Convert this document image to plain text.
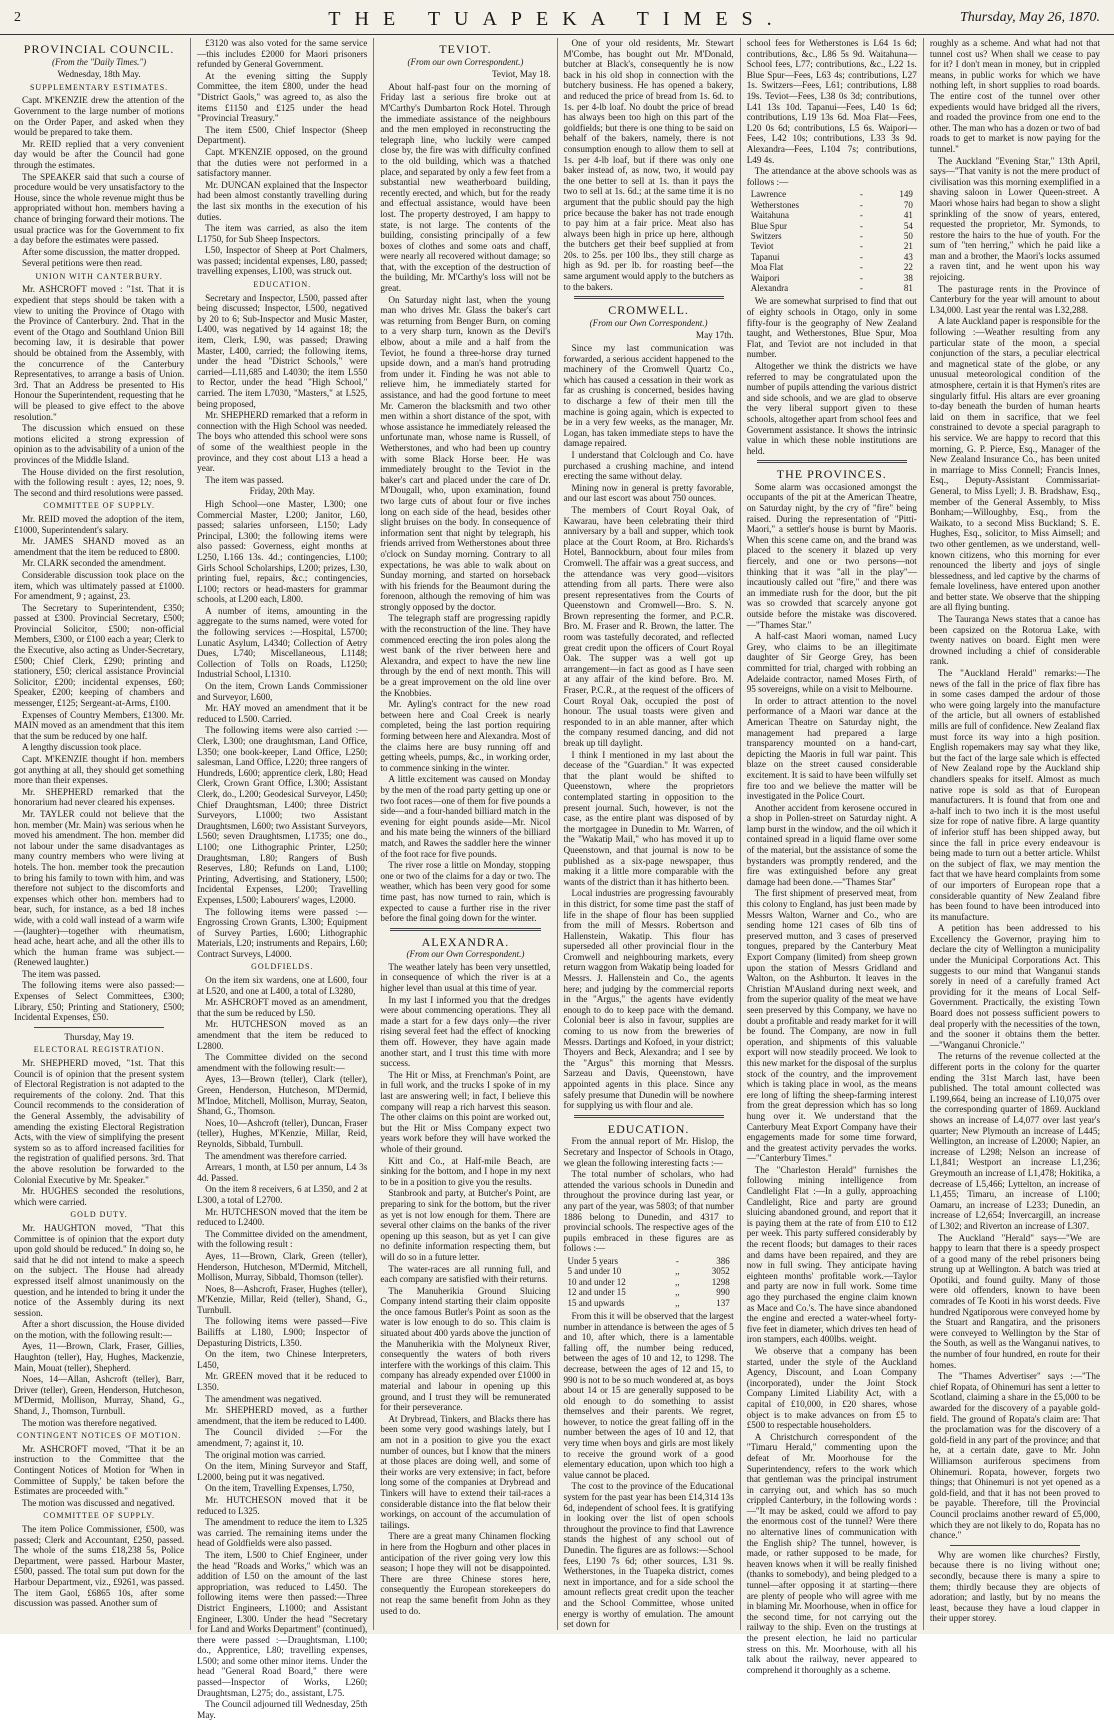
2	THE TUAPEKA TIMES.	Thursday, May 26, 1870.
PROVINCIAL COUNCIL.
(From the "Daily Times.")
Wednesday, 18th May.
SUPPLEMENTARY ESTIMATES.

Capt. M'KENZIE drew the attention of the Government to the large number of motions on the Order Paper, and asked when they would be prepared to take them.

Mr. REID replied that a very convenient day would be after the Council had gone through the estimates.

The SPEAKER said that such a course of procedure would be very unsatisfactory to the House, since the whole revenue might thus be appropriated without hon. members having a chance of bringing forward their motions. The usual practice was for the Government to fix a day before the estimates were passed.

After some discussion, the matter dropped.

Several petitions were then read.

UNION WITH CANTERBURY.

Mr. ASHCROFT moved : "1st. That it is expedient that steps should be taken with a view to uniting the Province of Otago with the Province of Canterbury. 2nd. That in the event of the Otago and Southland Union Bill becoming law, it is desirable that power should be obtained from the Assembly, with the concurrence of the Canterbury Representatives, to arrange a basis of Union. 3rd. That an Address be presented to His Honour the Superintendent, requesting that he will be pleased to give effect to the above resolution."

The discussion which ensued on these motions elicited a strong expression of opinion as to the advisability of a union of the provinces of the Middle Island.

The House divided on the first resolution, with the following result : ayes, 12; noes, 9. The second and third resolutions were passed.

COMMITTEE OF SUPPLY.

Mr. REID moved the adoption of the item, £1000, Superintendent's salary.

Mr. JAMES SHAND moved as an amendment that the item be reduced to £800.

Mr. CLARK seconded the amendment.

Considerable discussion took place on the item, which was ultimately passed at £1000. For amendment, 9 ; against, 23.

The Secretary to Superintendent, £350; passed at £300. Provincial Secretary, £500; Provincial Solicitor, £500; non-official Members, £300, or £100 each a year; Clerk to the Executive, also acting as Under-Secretary, £500; Chief Clerk, £290; printing and stationery, £50; clerical assistance Provincial Solicitor, £200; incidental expenses, £60; Speaker, £200; keeping of chambers and messenger, £125; Sergeant-at-Arms, £100.

Expenses of Country Members, £1300. Mr. MAIN moved as an amendment that this item that the sum be reduced by one half.

A lengthy discussion took place.

Capt. M'KENZIE thought if hon. members got anything at all, they should get something more than their expenses.

Mr. SHEPHERD remarked that the honorarium had never cleared his expenses.

Mr. TAYLER could not believe that the hon. member (Mr. Main) was serious when he moved his amendment. The hon. member did not labour under the same disadvantages as many country members who were living at hotels. The hon. member took the precaution to bring his family to town with him, and was therefore not subject to the discomforts and expenses which other hon. members had to bear, such, for instance, as a bed 18 inches wide, with a cold wall instead of a warm wife—(laughter)—together with rheumatism, head ache, heart ache, and all the other ills to which the human frame was subject.—(Renewed laughter.)

The item was passed.

The following items were also passed:—Expenses of Select Committees, £300; Library, £50; Printing and Stationery, £500; Incidental Expenses, £50.

Thursday, May 19.
ELECTORAL REGISTRATION.

Mr. SHEPHERD moved, "1st. That this Council is of opinion that the present system of Electoral Registration is not adapted to the requirements of the colony. 2nd. That this Council recommends to the consideration of the General Assembly, the advisability of amending the existing Electoral Registration Acts, with the view of simplifying the present system so as to afford increased facilities for the registration of qualified persons. 3rd. That the above resolution be forwarded to the Colonial Executive by Mr. Speaker."

Mr. HUGHES seconded the resolutions, which were carried.

GOLD DUTY.

Mr. HAUGHTON moved, "That this Committee is of opinion that the export duty upon gold should be reduced." In doing so, he said that he did not intend to make a speech on the subject. The House had already expressed itself almost unanimously on the question, and he intended to bring it under the notice of the Assembly during its next session.

After a short discussion, the House divided on the motion, with the following result:—

Ayes, 11—Brown, Clark, Fraser, Gillies, Haughton (teller), Hay, Hughes, Mackenzie, Main, Mouat (teller), Shepherd.

Noes, 14—Allan, Ashcroft (teller), Barr, Driver (teller), Green, Henderson, Hutcheson, M'Dermid, Mollison, Murray, Shand, G., Shand, J., Thomson, Turnbull.

The motion was therefore negatived.

CONTINGENT NOTICES OF MOTION.

Mr. ASHCROFT moved, "That it be an instruction to the Committee that the Contingent Notices of Motion for 'When in Committee of Supply,' be taken before the Estimates are proceeded with."

The motion was discussed and negatived.

COMMITTEE OF SUPPLY.

The item Police Commissioner, £500, was passed; Clerk and Accountant, £250, passed. The whole of the sums £18,238 5s, Police Department, were passed. Harbour Master, £500, passed. The total sum put down for the Harbour Department, viz., £9261, was passed. The item Gaol, £6865 10s, after some discussion was passed. Another sum of

£3120 was also voted for the same service —this includes £2000 for Maori prisoners refunded by General Government.

At the evening sitting the Supply Committee, the item £800, under the head "District Gaols," was agreed to, as also the items £1150 and £125 under the head "Provincial Treasury."

The item £500, Chief Inspector (Sheep Department).

Capt. M'KENZIE opposed, on the ground that the duties were not performed in a satisfactory manner.

Mr. DUNCAN explained that the Inspector had been almost constantly travelling during the last six months in the execution of his duties.

The item was carried, as also the item L1750, for Sub Sheep Inspectors.

L50, Inspector of Sheep at Port Chalmers, was passed; incidental expenses, L80, passed; travelling expenses, L100, was struck out.

EDUCATION.

Secretary and Inspector, L500, passed after being discussed; Inspector, L500, negatived by 20 to 6; Sub-Inspector and Music Master, L400, was negatived by 14 against 18; the item, Clerk, L90, was passed; Drawing Master, L400, carried; the following items, under the head "District Schools," were carried—L11,685 and L4030; the item L550 to Rector, under the head "High School," carried. The item L7030, "Masters," at L525, being proposed,

Mr. SHEPHERD remarked that a reform in connection with the High School was needed. The boys who attended this school were sons of some of the wealthiest people in the province, and they cost about L13 a head a year.

The item was passed.

Friday, 20th May.

High School—one Master, L300; one Commercial Master, L200; Janitor, L60, passed; salaries unforseen, L150; Lady Principal, L300; the following items were also passed: Governess, eight months at L250, L166 13s. 4d.; contingencies, L100; Girls School Scholarships, L200; prizes, L30, printing fuel, repairs, &c.; contingencies, L100; rectors or head-masters for grammar schools, at L200 each, L800.

A number of items, amounting in the aggregate to the sums named, were voted for the following services :—Hospital, L5700; Lunatic Asylum, L4340; Collection of Aetry Dues, L740; Miscellaneous, L1148; Collection of Tolls on Roads, L1250; Industrial School, L1310.

On the item, Crown Lands Commissioner and Surveyor, L600,

Mr. HAY moved an amendment that it be reduced to L500. Carried.

The following items were also carried :—Clerk, L300; one draughtsman, Land Office, L350; one book-keeper, Land Office, L250; salesman, Land Office, L220; three rangers of Hundreds, L600; apprentice clerk, L80; Head Clerk, Crown Grant Office, L300; Assistant Clerk, do., L200; Geodesical Surveyor, L450; Chief Draughtsman, L400; three District Surveyors, L1000; two Assistant Draughtsmen, L600; two Assistant Surveyors, L560; seven Draughtsmen, L1735; one do., L100; one Lithographic Printer, L250; Draughtsman, L80; Rangers of Bush Reserves, L80; Refunds on Land, L100; Printing, Advertising, and Stationery, L500; Incidental Expenses, L200; Travelling Expenses, L500; Labourers' wages, L2000.

The following items were passed :—Engrossing Crown Grants, L300; Equipment of Survey Parties, L600; Lithographic Materials, L20; instruments and Repairs, L60; Contract Surveys, L4000.

GOLDFIELDS.

On the item six wardens, one at L600, four at L520, and one at L400, a total of L3280,

Mr. ASHCROFT moved as an amendment, that the sum be reduced by L50.

Mr. HUTCHESON moved as an amendment that the item be reduced to L2800.

The Committee divided on the second amendment with the following result:—

Ayes, 13—Brown (teller), Clark (teller), Green, Henderson, Hutcheson, M'Dermid, M'Indoe, Mitchell, Mollison, Murray, Seaton, Shand, G., Thomson.

Noes, 10—Ashcroft (teller), Duncan, Fraser (teller), Hughes, M'Kenzie, Millar, Reid, Reynolds, Sibbald, Turnbull.

The amendment was therefore carried.

Arrears, 1 month, at L50 per annum, L4 3s 4d. Passed.

On the item 8 receivers, 6 at L350, and 2 at L300, a total of L2700.

Mr. HUTCHESON moved that the item be reduced to L2400.

The Committee divided on the amendment, with the following result :

Ayes, 11—Brown, Clark, Green (teller), Henderson, Hutcheson, M'Dermid, Mitchell, Mollison, Murray, Sibbald, Thomson (teller).

Noes, 8—Ashcroft, Fraser, Hughes (teller), M'Kenzie, Millar, Reid (teller), Shand, G., Turnbull.

The following items were passed—Five Bailiffs at L180, L900; Inspector of Depasturing Districts, L350.

On the item, two Chinese Interpreters, L450,

Mr. GREEN moved that it be reduced to L350.

The amendment was negatived.

Mr. SHEPHERD moved, as a further amendment, that the item be reduced to L400.

The Council divided :—For the amendment, 7; against it, 10.

The original motion was carried.

On the item, Mining Surveyor and Staff, L2000, being put it was negatived.

On the item, Travelling Expenses, L750,

Mr. HUTCHESON moved that it be reduced to L325.

The amendment to reduce the item to L325 was carried. The remaining items under the head of Goldfields were also passed.

The item, L500 to Chief Engineer, under the head "Roads and Works," which was an addition of L50 on the amount of the last appropriation, was reduced to L450. The following items were then passed:—Three District Engineers, L1000; and Assistant Engineer, L300. Under the head "Secretary for Land and Works Department" (continued), there were passed :—Draughtsman, L100; do., Apprentice, L80; travelling expenses, L500; and some other minor items. Under the head "General Road Board," there were passed—Inspector of Works, L260; Draughtsman, L275; do., assistant, L75.

The Council adjourned till Wednesday, 25th May.

TEVIOT.
(From our own Correspondent.)
Teviot, May 18.

About half-past four on the morning of Friday last a serious fire broke out at M'Carthy's Dumbarton Rock Hotel. Through the immediate assistance of the neighbours and the men employed in reconstructing the telegraph line, who luckily were camped close by, the fire was with difficulty confined to the old building, which was a thatched place, and separated by only a few feet from a substantial new weatherboard building, recently erected, and which, but for the ready and effectual assistance, would have been lost. The property destroyed, I am happy to state, is not large. The contents of the building, consisting principally of a few boxes of clothes and some oats and chaff, were nearly all recovered without damage; so that, with the exception of the destruction of the building, Mr. M'Carthy's loss will not be great.

On Saturday night last, when the young man who drives Mr. Glass the baker's cart was returning from Benger Burn, on coming to a very sharp turn, known as the Devil's elbow, about a mile and a half from the Teviot, he found a three-horse dray turned upside down, and a man's hand protruding from under it. Finding he was not able to relieve him, he immediately started for assistance, and had the good fortune to meet Mr. Cameron the blacksmith and two other men within a short distance of the spot, with whose assistance he immediately released the unfortunate man, whose name is Russell, of Wetherstones, and who had been up country with some Black Horse beer. He was immediately brought to the Teviot in the baker's cart and placed under the care of Dr. M'Dougall, who, upon examination, found two large cuts of about four or five inches long on each side of the head, besides other slight bruises on the body. In consequence of information sent that night by telegraph, his friends arrived from Wetherstones about three o'clock on Sunday morning. Contrary to all expectations, he was able to walk about on Sunday morning, and started on horseback with his friends for the Beaumont during the forenoon, although the removing of him was strongly opposed by the doctor.

The telegraph staff are progressing rapidly with the reconstruction of the line. They have commenced erecting the iron poles along the west bank of the river between here and Alexandra, and expect to have the new line through by the end of next month. This will be a great improvement on the old line over the Knobbies.

Mr. Ayling's contract for the new road between here and Coal Creek is nearly completed, being the last portion requiring forming between here and Alexandra. Most of the claims here are busy running off and getting wheels, pumps, &c., in working order, to commence sinking in the winter.

A little excitement was caused on Monday by the men of the road party getting up one or two foot races—one of them for five pounds a side—and a four-handed billiard match in the evening for eight pounds aside—Mr. Nicol and his mate being the winners of the billiard match, and Rawes the saddler here the winner of the foot race for five pounds.

The river rose a little on Monday, stopping one or two of the claims for a day or two. The weather, which has been very good for some time past, has now turned to rain, which is expected to cause a further rise in the river before the final going down for the winter.

ALEXANDRA.
(From our Own Correspondent.)

The weather lately has been very unsettled, in consequence of which the river is at a higher level than usual at this time of year.

In my last I informed you that the dredges were about commencing operations. They all made a start for a few days only—the river rising several feet had the effect of knocking them off. However, they have again made another start, and I trust this time with more success.

The Hit or Miss, at Frenchman's Point, are in full work, and the trucks I spoke of in my last are answering well; in fact, I believe this company will reap a rich harvest this season. The other claims on this point are worked out, but the Hit or Miss Company expect two years work before they will have worked the whole of their ground.

Kitt and Co., at Half-mile Beach, are sinking for the bottom, and I hope in my next to be in a position to give you the results.

Stanbrook and party, at Butcher's Point, are preparing to sink for the bottom, but the river as yet is not low enough for them. There are several other claims on the banks of the river opening up this season, but as yet I can give no definite information respecting them, but will do so in a future letter.

The water-races are all running full, and each company are satisfied with their returns.

The Manuherikia Ground Sluicing Company intend starting their claim opposite the once famous Butler's Point as soon as the water is low enough to do so. This claim is situated about 400 yards above the junction of the Manuherikia with the Molyneux River, consequently the waters of both rivers interfere with the workings of this claim. This company has already expended over £1000 in material and labour in opening up this ground, and I trust they will be remunerated for their perseverance.

At Drybread, Tinkers, and Blacks there has been some very good washings lately, but I am not in a position to give you the exact number of ounces, but I know that the miners at those places are doing well, and some of their works are very extensive; in fact, before long some of the companies at Drybread and Tinkers will have to extend their tail-races a considerable distance into the flat below their workings, on account of the accumulation of tailings.

There are a great many Chinamen flocking in here from the Hogburn and other places in anticipation of the river going very low this season; I hope they will not be disappointed. There are three Chinese stores here, consequently the European storekeepers do not reap the same benefit from John as they used to do.

One of your old residents, Mr. Stewart M'Combe, has bought out Mr. M'Donald, butcher at Black's, consequently he is now back in his old shop in connection with the butchery business. He has opened a bakery, and reduced the price of bread from 1s. 6d. to 1s. per 4-lb loaf. No doubt the price of bread has always been too high on this part of the goldfields; but there is one thing to be said on behalf of the bakers, namely, there is not consumption enough to allow them to sell at 1s. per 4-lb loaf, but if there was only one baker instead of, as now, two, it would pay the one better to sell at 1s. than it pays the two to sell at 1s. 6d.; at the same time it is no argument that the public should pay the high price because the baker has not trade enough to pay him at a fair price. Meat also has always been high in price up here, although the butchers get their beef supplied at from 20s. to 25s. per 100 lbs., they still charge as high as 9d. per lb. for roasting beef—the same argument would apply to the butchers as to the bakers.

CROMWELL.
(From our Own Correspondent.)
May 17th.

Since my last communication was forwarded, a serious accident happened to the machinery of the Cromwell Quartz Co., which has caused a cessation in their work as far as crushing is concerned, besides having to discharge a few of their men till the machine is going again, which is expected to be in a very few weeks, as the manager, Mr. Logan, has taken immediate steps to have the damage repaired.

I understand that Colclough and Co. have purchased a crushing machine, and intend erecting the same without delay.

Mining now in general is pretty favorable, and our last escort was about 750 ounces.

The members of Court Royal Oak, of Kawarau, have been celebrating their third anniversary by a ball and supper, which took place at the Court Room, at Bro. Richards's Hotel, Bannockburn, about four miles from Cromwell. The affair was a great success, and the attendance was very good—visitors attending from all parts. There were also present representatives from the Courts of Queenstown and Cromwell—Bro. S. N. Brown representing the former, and P.C.R. Bro. M. Fraser and R. Brown, the latter. The room was tastefully decorated, and reflected great credit upon the officers of Court Royal Oak. The supper was a well got up arrangement—in fact as good as I have seen at any affair of the kind before. Bro. M. Fraser, P.C.R., at the request of the officers of Court Royal Oak, occupied the post of honour. The usual toasts were given and responded to in an able manner, after which the company resumed dancing, and did not break up till daylight.

I think I mentioned in my last about the decease of the "Guardian." It was expected that the plant would be shifted to Queenstown, where the proprietors contemplated starting in opposition to the present journal. Such, however, is not the case, as the entire plant was disposed of by the mortgagee in Dunedin to Mr. Warren, of the "Wakatip Mail," who has moved it up to Queenstown, and that journal is now to be published as a six-page newspaper, thus making it a little more comparable with the wants of the district than it has hitherto been.

Local industries are progressing favourably in this district, for some time past the staff of life in the shape of flour has been supplied from the mill of Messrs. Robertson and Hallenstein, Wakatip. This flour has superseded all other provincial flour in the Cromwell and neighbouring markets, every return waggon from Wakatip being loaded for Messrs. J. Hallenstein and Co., the agents here; and judging by the commercial reports in the "Argus," the agents have evidently enough to do to keep pace with the demand. Colonial beer is also in favour, supplies are coming to us now from the breweries of Messrs. Dartings and Kofoed, in your district; Thoyers and Beck, Alexandra; and I see by the "Argus" this morning that Messrs. Sarzeau and Davis, Queenstown, have appointed agents in this place. Since any safely presume that Dunedin will be nowhere for supplying us with flour and ale.

EDUCATION.

From the annual report of Mr. Hislop, the Secretary and Inspector of Schools in Otago, we glean the following interesting facts :—

The total number of scholars, who had attended the various schools in Dunedin and throughout the province during last year, or any part of the year, was 5803; of that number 1886 belong to Dunedin, and 4317 to provincial schools. The respective ages of the pupils embraced in these figures are as follows :—

Under 5 years	-	386
5 and under 10	,,	3052
10 and under 12	,,	1298
12 and under 15	,,	990
15 and upwards	,,	137

From this it will be observed that the largest number in attendance is between the ages of 5 and 10, after which, there is a lamentable falling off, the number being reduced, between the ages of 10 and 12, to 1298. The decrease, between the ages of 12 and 15, to 990 is not to be so much wondered at, as boys about 14 or 15 are generally supposed to be old enough to do something to assist themselves and their parents. We regret, however, to notice the great falling off in the number between the ages of 10 and 12, that very time when boys and girls are most likely to receive the ground work of a good elementary education, upon which too high a value cannot be placed.

The cost to the province of the Educational system for the past year has been £14,314 13s 6d, independent of school fees. It is gratifying in looking over the list of open schools throughout the province to find that Lawrence stands the highest of any school out of Dunedin. The figures are as follows:—School fees, L190 7s 6d; other sources, L31 9s. Wetherstones, in the Tuapeka district, comes next in importance, and for a side school the amount reflects great credit upon the teacher and the School Committee, whose united energy is worthy of emulation. The amount set down for

school fees for Wetherstones is L64 1s 6d; contributions, &c., L86 5s 9d. Waitahuna—School fees, L77; contributions, &c., L22 1s. Blue Spur—Fees, L63 4s; contributions, L27 1s. Switzers—Fees, L61; contributions, L88 19s. Teviot—Fees, L38 0s 3d; contributions, L41 13s 10d. Tapanui—Fees, L40 1s 6d; contributions, L19 13s 6d. Moa Flat—Fees, L20 0s 6d; contributions, L5 6s. Waipori—Fees, L42 10s; contributions, L33 3s 9d. Alexandra—Fees, L104 7s; contributions, L49 4s.

The attendance at the above schools was as follows :—

Lawrence	-	149
Wetherstones	-	70
Waitahuna	-	41
Blue Spur	-	54
Switzers	-	50
Teviot	-	21
Tapanui	-	43
Moa Flat	-	22
Waipori	-	38
Alexandra	-	81

We are somewhat surprised to find that out of eighty schools in Otago, only in some fifty-four is the geography of New Zealand taught, and Wetherstones, Blue Spur, Moa Flat, and Teviot are not included in that number.

Altogether we think the districts we have referred to may be congratulated upon the number of pupils attending the various district and side schools, and we are glad to observe the very liberal support given to these schools, altogether apart from school fees and Government assistance. It shows the intrinsic value in which these noble institutions are held.

THE PROVINCES.

Some alarm was occasioned amongst the occupants of the pit at the American Theatre, on Saturday night, by the cry of "fire" being raised. During the representation of "Pitti-Maori," a settler's house is burnt by Maoris. When this scene came on, and the brand was placed to the scenery it blazed up very fiercely, and one or two persons—not thinking that it was "all in the play"—incautiously called out "fire," and there was an immediate rush for the door, but the pit was so crowded that scarcely anyone got outside before the mistake was discovered.—"Thames Star."

A half-cast Maori woman, named Lucy Grey, who claims to be an illegitimate daughter of Sir George Grey, has been committed for trial, charged with robbing an Adelaide contractor, named Moses Firth, of 95 sovereigns, while on a visit to Melbourne.

In order to attract attention to the novel performance of a Maori war dance at the American Theatre on Saturday night, the management had prepared a large transparency mounted on a hand-cart, depicting the Maoris in full war paint. This blaze on the street caused considerable excitement. It is said to have been wilfully set fire too and we believe the matter will be investigated in the Police Court.

Another accident from kerosene occured in a shop in Pollen-street on Saturday night. A lamp burst in the window, and the oil which it contained spread in a liquid flame over some of the material, but the assistance of some the bystanders was promptly rendered, and the fire was extinguished before any great damage had been done.—"Thames Star"

The first shipment of preserved meat, from this colony to England, has just been made by Messrs Walton, Warner and Co., who are sending home 121 cases of 6lb tins of preserved mutton, and 3 cases of preserved tongues, prepared by the Canterbury Meat Export Company (limited) from sheep grown upon the station of Messrs Gridland and Walton, on the Ashburton. It leaves in the Christian M'Ausland during next week, and from the superior quality of the meat we have seen preserved by this Company, we have no doubt a profitable and ready market for it will be found. The Company, are now in full operation, and shipments of this valuable export will now steadily proceed. We look to this new market for the disposal of the surplus stock of the country, and the improvement which is taking place in wool, as the means ere long of lifting the sheep-farming interest from the great depression which has so long hung over it. We understand that the Canterbury Meat Export Company have their engagements made for some time forward, and the greatest activity pervades the works.—"Canterbury Times."

The "Charleston Herald" furnishes the following mining intelligence from Candlelight Flat :—In a gully, approaching Candlelight, Rice and party are ground sluicing abandoned ground, and report that it is paying them at the rate of from £10 to £12 per week. This party suffered considerably by the recent floods; but damages to their races and dams have been repaired, and they are now in full swing. They anticipate having eighteen months' profitable work.—Taylor and party are now in full work. Some time ago they purchased the engine claim known as Mace and Co.'s. The have since abandoned the engine and erected a water-wheel forty-five feet in diameter, which drives ten head of iron stampers, each 400lbs. weight.

We observe that a company has been started, under the style of the Auckland Agency, Discount, and Loan Company (incorporated), under the Joint Stock Company Limited Liability Act, with a capital of £10,000, in £20 shares, whose object is to make advances on from £5 to £500 to respectable householders.

A Christchurch correspondent of the "Timaru Herald," commenting upon the defeat of Mr. Moorhouse for the Superintendency, refers to the work which that gentleman was the principal instrument in carrying out, and which has so much crippled Canterbury, in the following words :—"It may be asked, could we afford to pay the enormous cost of the tunnel? Were there no alternative lines of communication with the English ship? The tunnel, however, is made, or rather supposed to be made, for heaven knows when it will be really finished (thanks to somebody), and being pledged to a tunnel—after opposing it at starting—there are plenty of people who will agree with me in blaming Mr. Moorhouse, when in office for the second time, for not carrying out the railway to the ship. Even on the trustings at the present election, he laid no particular stress on this. Mr. Moorhouse, with all his talk about the railway, never appeared to comprehend it thoroughly as a scheme.

roughly as a scheme. And what had not that tunnel cost us? When shall we cease to pay for it? I don't mean in money, but in crippled means, in public works for which we have nothing left, in short supplies to road boards. The entire cost of the tunnel over other expedients would have bridged all the rivers, and roaded the province from one end to the other. The man who has a dozen or two of bad roads to get to market is now paying for the tunnel."

The Auckland "Evening Star," 13th April, says—"That vanity is not the mere product of civilisation was this morning exemplified in a shaving saloon in Lower Queen-street. A Maori whose hairs had began to show a slight sprinkling of the snow of years, entered, requested the proprietor, Mr. Symonds, to restore the hairs to the hue of youth. For the sum of "ten herring," which he paid like a man and a brother, the Maori's locks assumed a raven tint, and he went upon his way rejoicing.

The pasturage rents in the Province of Canterbury for the year will amount to about L34,000. Last year the rental was L32,288.

A late Auckland paper is responsible for the following :—Weather resulting from any particular state of the moon, a special conjunction of the stars, a peculiar electrical and magnetical state of the globe, or any unusual meteorological condition of the atmosphere, certain it is that Hymen's rites are singularly fitful. His altars are ever groaning to-day beneath the burden of human hearts laid on them in sacrifice, that we feel constrained to devote a special paragraph to his service. We are happy to record that this morning, G. P. Pierce, Esq., Manager of the New Zealand Insurance Co., has been united in marriage to Miss Connell; Francis Innes, Esq., Deputy-Assistant Commissariat-General, to Miss Lyell; J. B. Bradshaw, Esq., member of the General Assembly, to Miss Bonham;—Willoughby, Esq., from the Waikato, to a second Miss Buckland; S. E. Hughes, Esq., solicitor, to Miss Aimsell; and two other gentlemen, as we understand, well-known citizens, who this morning for ever renounced the liberty and joys of single blessedness, and led captive by the charms of female loveliness, have entered upon another and better state. We observe that the shipping are all flying bunting.

The Tauranga News states that a canoe has been capsized on the Rotorua Lake, with twenty natives on board. Eight men were drowned including a chief of considerable rank.

The "Auckland Herald" remarks:—The news of the fall in the price of flax fibre has in some cases damped the ardour of those who were going largely into the manufacture of the article, but all owners of established mills are full of confidence. New Zealand flax must force its way into a high position. English ropemakers may say what they like, but the fact of the large sale which is effected of New Zealand rope by the Auckland ship chandlers speaks for itself. Almost as much native rope is sold as that of European manufacturers. It is found that from one and a-half inch to two inch it is the most useful size for rope of native fibre. A large quantity of inferior stuff has been shipped away, but since the fall in price every endeavour is being made to turn out a better article. Whilst on the subject of flax, we may mention the fact that we have heard complaints from some of our importers of European rope that a considerable quantity of New Zealand fibre has been found to have been introduced into its manufacture.

A petition has been addressed to his Excellency the Governor, praying him to declare the city of Wellington a municipality under the Municipal Corporations Act. This suggests to our mind that Wanganui stands sorely in need of a carefully framed Act providing for it the means of Local Self-Government. Practically, the existing Town Board does not possess sufficient powers to deal properly with the necessities of the town, and the sooner it obtains them the better.—"Wanganui Chronicle."

The returns of the revenue collected at the different ports in the colony for the quarter ending the 31st March last, have been published. The total amount collected was L199,664, being an increase of L10,075 over the corresponding quarter of 1869. Auckland shows an increase of L4,077 over last year's quarter; New Plymouth an increase of L445; Wellington, an increase of L2000; Napier, an increase of L298; Nelson an increase of L1,841; Westport an increase L1,236; Greymouth an increase of L1,478; Hokitika, a decrease of L5,466; Lyttelton, an increase of L1,455; Timaru, an increase of L100; Oamaru, an increase of L233; Dunedin, an increase of L2,654; Invercargill, an increase of L302; and Riverton an increase of L307.

The Auckland "Herald" says—"We are happy to learn that there is a speedy prospect of a good many of the rebel prisoners being strung up at Wellington. A batch was tried at Opotiki, and found guilty. Many of those were old offenders, known to have been comrades of Te Kooti in his worst deeds. Five hundred Ngatiporous were conveyed home by the Stuart and Rangatira, and the prisoners were conveyed to Wellington by the Star of the South, as well as the Wanganui natives, to the number of four hundred, en route for their homes.

The "Thames Advertiser" says :—"The chief Ropata, of Ohinemuri has sent a letter to Scotland, claiming a share in the £5,000 to be awarded for the discovery of a payable gold-field. The ground of Ropata's claim are: That the proclamation was for the discovery of a gold-field in any part of the province; and that he, at a certain date, gave to Mr. John Williamson auriferous specimens from Ohinemuri. Ropata, however, forgets two things; that Ohinemuri is not yet opened as a gold-field, and that it has not been proved to be payable. Therefore, till the Provincial Council proclaims another reward of £5,000, which they are not likely to do, Ropata has no chance."

Why are women like churches? Firstly, because there is no living without one; secondly, because there is many a spire to them; thirdly because they are objects of adoration; and lastly, but by no means the least, because they have a loud clapper in their upper storey.
